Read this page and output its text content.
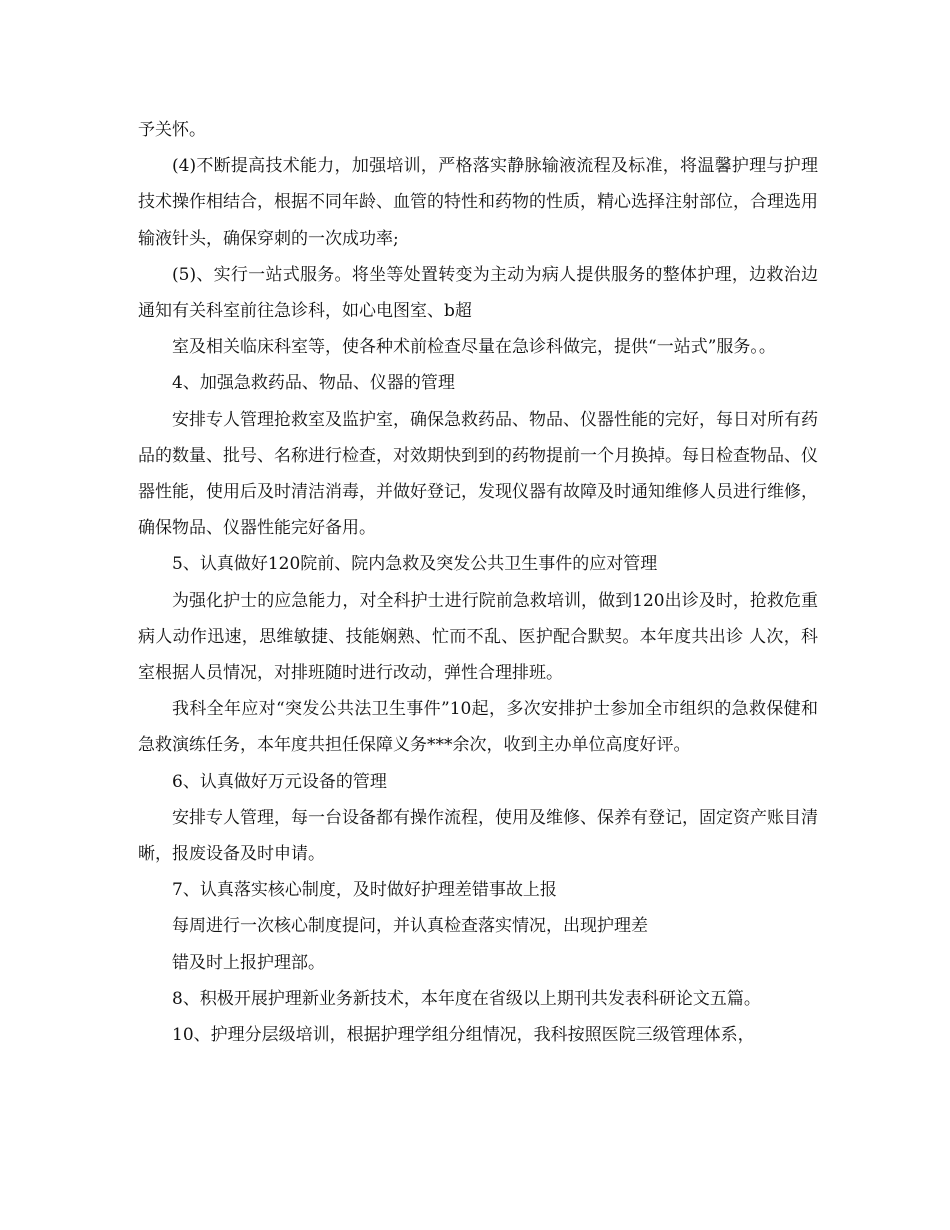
予关怀。

(4)不断提高技术能力，加强培训，严格落实静脉输液流程及标准，将温馨护理与护理技术操作相结合，根据不同年龄、血管的特性和药物的性质，精心选择注射部位，合理选用输液针头，确保穿刺的一次成功率;

(5)、实行一站式服务。将坐等处置转变为主动为病人提供服务的整体护理，边救治边通知有关科室前往急诊科，如心电图室、b超

室及相关临床科室等，使各种术前检查尽量在急诊科做完，提供“一站式”服务。。

4、加强急救药品、物品、仪器的管理

安排专人管理抢救室及监护室，确保急救药品、物品、仪器性能的完好，每日对所有药品的数量、批号、名称进行检查，对效期快到到的药物提前一个月换掉。每日检查物品、仪器性能，使用后及时清洁消毒，并做好登记，发现仪器有故障及时通知维修人员进行维修，确保物品、仪器性能完好备用。

5、认真做好120院前、院内急救及突发公共卫生事件的应对管理

为强化护士的应急能力，对全科护士进行院前急救培训，做到120出诊及时，抢救危重病人动作迅速，思维敏捷、技能娴熟、忙而不乱、医护配合默契。本年度共出诊 人次，科室根据人员情况，对排班随时进行改动，弹性合理排班。

我科全年应对“突发公共法卫生事件”10起，多次安排护士参加全市组织的急救保健和急救演练任务，本年度共担任保障义务***余次，收到主办单位高度好评。

6、认真做好万元设备的管理

安排专人管理，每一台设备都有操作流程，使用及维修、保养有登记，固定资产账目清晰，报废设备及时申请。

7、认真落实核心制度，及时做好护理差错事故上报

每周进行一次核心制度提问，并认真检查落实情况，出现护理差

错及时上报护理部。

8、积极开展护理新业务新技术，本年度在省级以上期刊共发表科研论文五篇。

10、护理分层级培训，根据护理学组分组情况，我科按照医院三级管理体系，
